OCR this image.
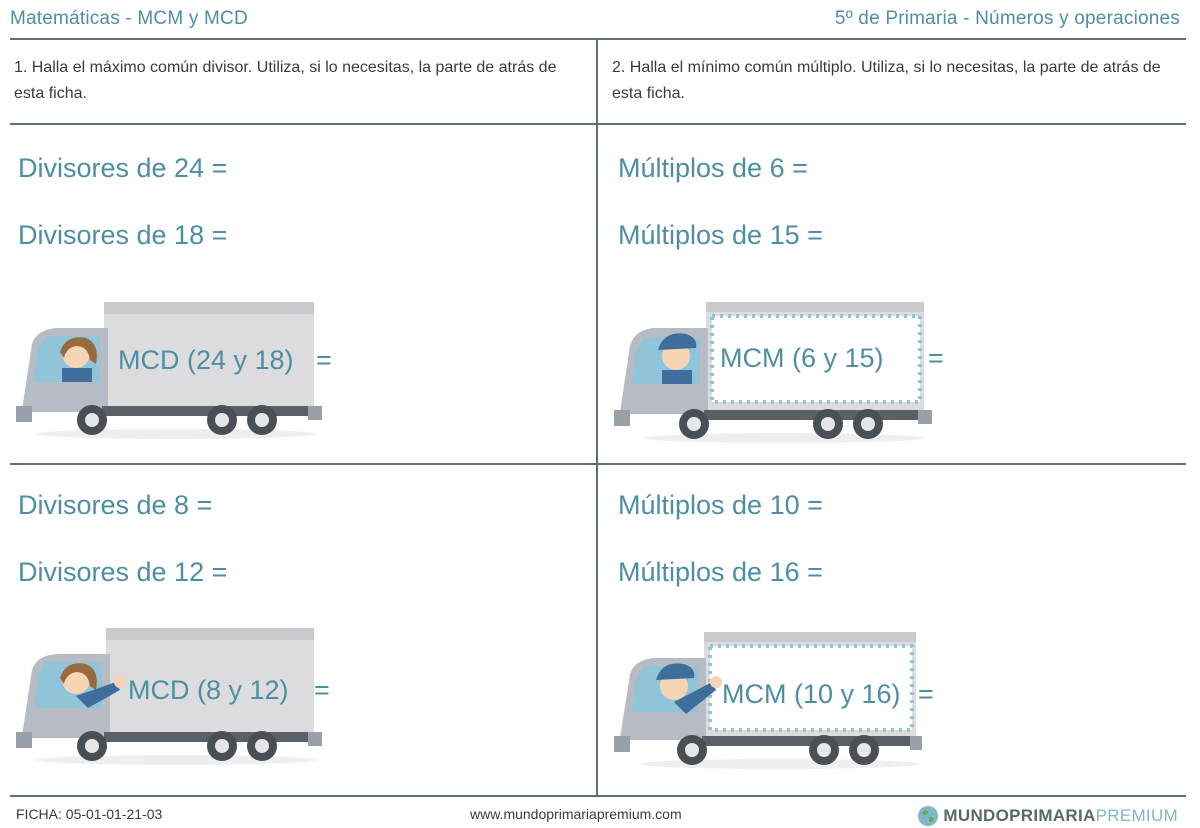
Matemáticas - MCM y MCD	5º de Primaria - Números y operaciones
1. Halla el máximo común divisor. Utiliza, si lo necesitas, la parte de atrás de esta ficha.
2. Halla el mínimo común múltiplo. Utiliza, si lo necesitas, la parte de atrás de esta ficha.
Divisores de 24 =
Divisores de 18 =
MCD (24 y 18) =
Múltiplos de 6 =
Múltiplos de 15 =
MCM (6 y 15) =
Divisores de 8 =
Divisores de 12 =
MCD (8 y 12) =
Múltiplos de 10 =
Múltiplos de 16 =
MCM (10 y 16) =
FICHA: 05-01-01-21-03	www.mundoprimariapremium.com	MUNDO PRIMARIA PREMIUM
